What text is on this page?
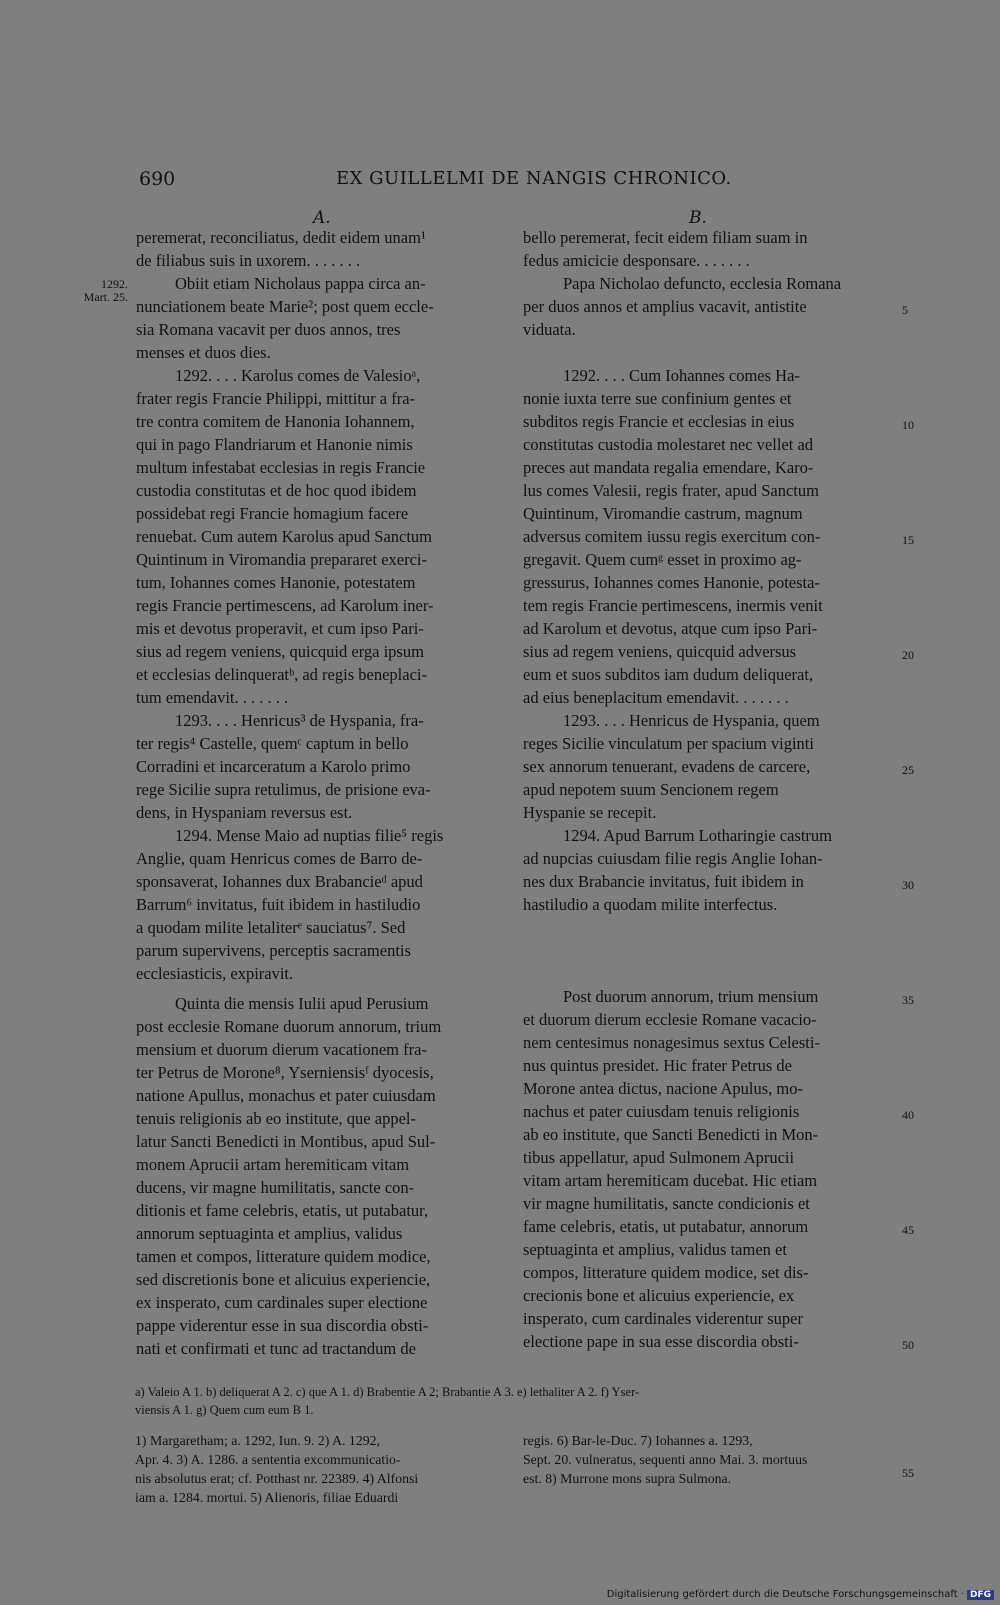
690	EX GUILLELMI DE NANGIS CHRONICO.
A.	B.
1292.
Mart. 25.
peremerat, reconciliatus, dedit eidem unam¹
de filiabus suis in uxorem. . . . . . .
Obiit etiam Nicholaus pappa circa an-
nunciationem beate Marie²; post quem eccle-
sia Romana vacavit per duos annos, tres
menses et duos dies.
1292. . . . Karolus comes de Valesioᵃ,
frater regis Francie Philippi, mittitur a fra-
tre contra comitem de Hanonia Iohannem,
qui in pago Flandriarum et Hanonie nimis
multum infestabat ecclesias in regis Francie
custodia constitutas et de hoc quod ibidem
possidebat regi Francie homagium facere
renuebat. Cum autem Karolus apud Sanctum
Quintinum in Viromandia prepararet exerci-
tum, Iohannes comes Hanonie, potestatem
regis Francie pertimescens, ad Karolum iner-
mis et devotus properavit, et cum ipso Pari-
sius ad regem veniens, quicquid erga ipsum
et ecclesias delinqueratᵇ, ad regis beneplaci-
tum emendavit. . . . . . .
1293. . . . Henricus³ de Hyspania, fra-
ter regis⁴ Castelle, quemᶜ captum in bello
Corradini et incarceratum a Karolo primo
rege Sicilie supra retulimus, de prisione eva-
dens, in Hyspaniam reversus est.
1294. Mense Maio ad nuptias filie⁵ regis
Anglie, quam Henricus comes de Barro de-
sponsaverat, Iohannes dux Brabancieᵈ apud
Barrum⁶ invitatus, fuit ibidem in hastiludio
a quodam milite letaliterᵉ sauciatus⁷. Sed
parum supervivens, perceptis sacramentis
ecclesiasticis, expiravit.
Quinta die mensis Iulii apud Perusium
post ecclesie Romane duorum annorum, trium
mensium et duorum dierum vacationem fra-
ter Petrus de Morone⁸, Yserniensisᶠ dyocesis,
natione Apullus, monachus et pater cuiusdam
tenuis religionis ab eo institute, que appel-
latur Sancti Benedicti in Montibus, apud Sul-
monem Aprucii artam heremiticam vitam
ducens, vir magne humilitatis, sancte con-
ditionis et fame celebris, etatis, ut putabatur,
annorum septuaginta et amplius, validus
tamen et compos, litterature quidem modice,
sed discretionis bone et alicuius experiencie,
ex insperato, cum cardinales super electione
pappe viderentur esse in sua discordia obsti-
nati et confirmati et tunc ad tractandum de
bello peremerat, fecit eidem filiam suam in
fedus amicicie desponsare. . . . . . .
Papa Nicholao defuncto, ecclesia Romana
per duos annos et amplius vacavit, antistite
viduata.
1292. . . . Cum Iohannes comes Ha-
nonie iuxta terre sue confinium gentes et
subditos regis Francie et ecclesias in eius
constitutas custodia molestaret nec vellet ad
preces aut mandata regalia emendare, Karo-
lus comes Valesii, regis frater, apud Sanctum
Quintinum, Viromandie castrum, magnum
adversus comitem iussu regis exercitum con-
gregavit. Quem cumᵍ esset in proximo ag-
gressurus, Iohannes comes Hanonie, potesta-
tem regis Francie pertimescens, inermis venit
ad Karolum et devotus, atque cum ipso Pari-
sius ad regem veniens, quicquid adversus
eum et suos subditos iam dudum deliquerat,
ad eius beneplacitum emendavit. . . . . . .
1293. . . . Henricus de Hyspania, quem
reges Sicilie vinculatum per spacium viginti
sex annorum tenuerant, evadens de carcere,
apud nepotem suum Sencionem regem
Hyspanie se recepit.
1294. Apud Barrum Lotharingie castrum
ad nupcias cuiusdam filie regis Anglie Iohan-
nes dux Brabancie invitatus, fuit ibidem in
hastiludio a quodam milite interfectus.
Post duorum annorum, trium mensium
et duorum dierum ecclesie Romane vacacio-
nem centesimus nonagesimus sextus Celesti-
nus quintus presidet. Hic frater Petrus de
Morone antea dictus, nacione Apulus, mo-
nachus et pater cuiusdam tenuis religionis
ab eo institute, que Sancti Benedicti in Mon-
tibus appellatur, apud Sulmonem Aprucii
vitam artam heremiticam ducebat. Hic etiam
vir magne humilitatis, sancte condicionis et
fame celebris, etatis, ut putabatur, annorum
septuaginta et amplius, validus tamen et
compos, litterature quidem modice, set dis-
crecionis bone et alicuius experiencie, ex
insperato, cum cardinales viderentur super
electione pape in sua esse discordia obsti-
5
10
15
20
25
30
35
40
45
50
55
a) Valeio A 1. b) deliquerat A 2. c) que A 1. d) Brabentie A 2; Brabantie A 3. e) lethaliter A 2. f) Yser-
viensis A 1. g) Quem cum eum B 1.
1) Margaretham; a. 1292, Iun. 9. 2) A. 1292,
Apr. 4. 3) A. 1286. a sententia excommunicatio-
nis absolutus erat; cf. Potthast nr. 22389. 4) Alfonsi
iam a. 1284. mortui. 5) Alienoris, filiae Eduardi
regis. 6) Bar-le-Duc. 7) Iohannes a. 1293,
Sept. 20. vulneratus, sequenti anno Mai. 3. mortuus
est. 8) Murrone mons supra Sulmona.
Digitalisierung gefördert durch die Deutsche Forschungsgemeinschaft · DFG
